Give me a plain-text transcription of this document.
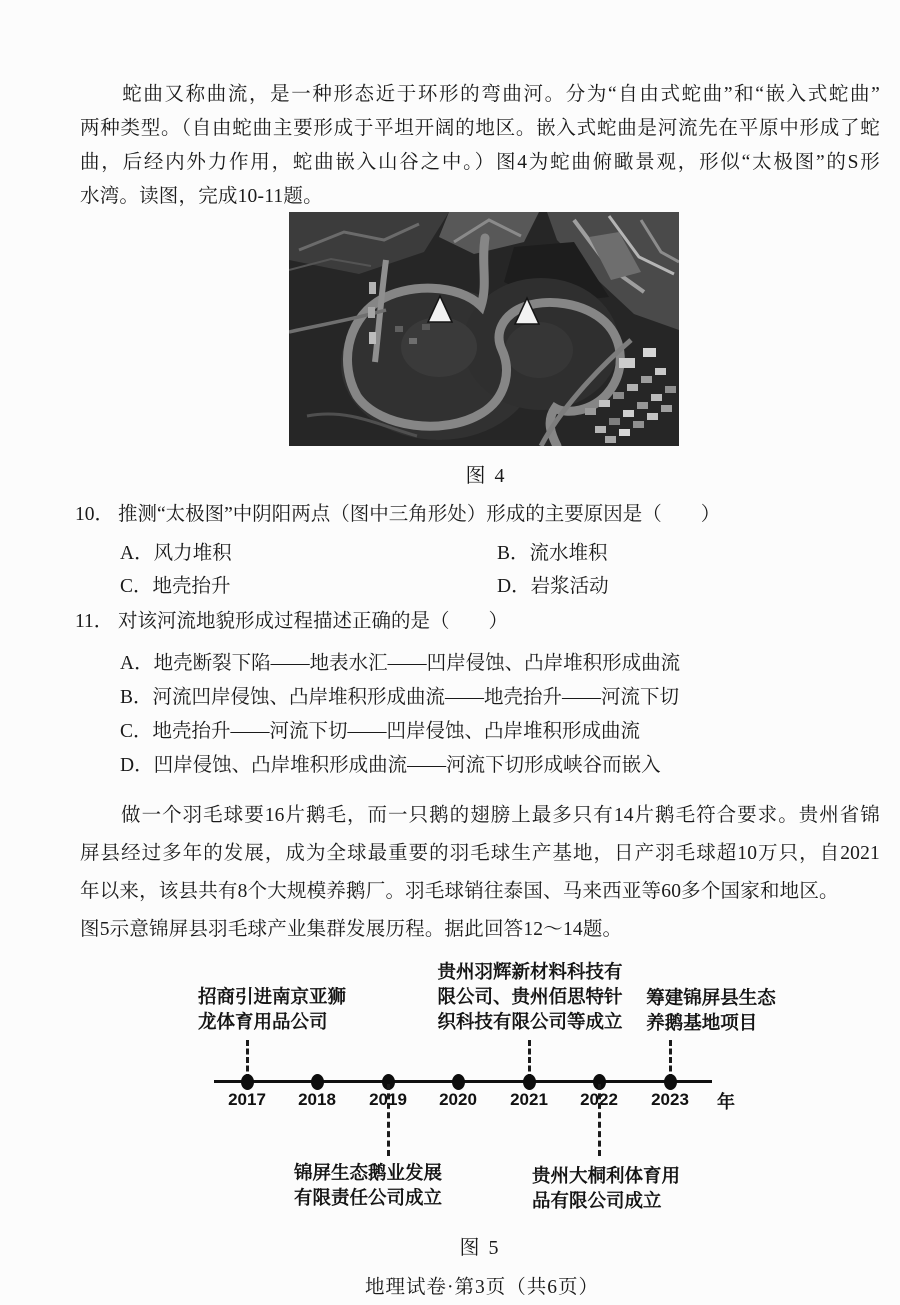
　　蛇曲又称曲流，是一种形态近于环形的弯曲河。分为“自由式蛇曲”和“嵌入式蛇曲”
两种类型。（自由蛇曲主要形成于平坦开阔的地区。嵌入式蛇曲是河流先在平原中形成了蛇
曲，后经内外力作用，蛇曲嵌入山谷之中。）图4为蛇曲俯瞰景观，形似“太极图”的S形
水湾。读图，完成10-11题。
图 4
10． 推测“太极图”中阴阳两点（图中三角形处）形成的主要原因是（　　）
A．风力堆积	B．流水堆积
C．地壳抬升	D．岩浆活动
11． 对该河流地貌形成过程描述正确的是（　　）
A．地壳断裂下陷——地表水汇——凹岸侵蚀、凸岸堆积形成曲流
B．河流凹岸侵蚀、凸岸堆积形成曲流——地壳抬升——河流下切
C．地壳抬升——河流下切——凹岸侵蚀、凸岸堆积形成曲流
D．凹岸侵蚀、凸岸堆积形成曲流——河流下切形成峡谷而嵌入
　　做一个羽毛球要16片鹅毛，而一只鹅的翅膀上最多只有14片鹅毛符合要求。贵州省锦
屏县经过多年的发展，成为全球最重要的羽毛球生产基地，日产羽毛球超10万只，自2021
年以来，该县共有8个大规模养鹅厂。羽毛球销往泰国、马来西亚等60多个国家和地区。
图5示意锦屏县羽毛球产业集群发展历程。据此回答12～14题。
招商引进南京亚狮
龙体育用品公司
贵州羽辉新材料科技有
限公司、贵州佰思特针
织科技有限公司等成立
筹建锦屏县生态
养鹅基地项目
2017	2018	2019	2020	2021	2022	2023	年
锦屏生态鹅业发展
有限责任公司成立
贵州大桐利体育用
品有限公司成立
图 5
地理试卷·第3页（共6页）
